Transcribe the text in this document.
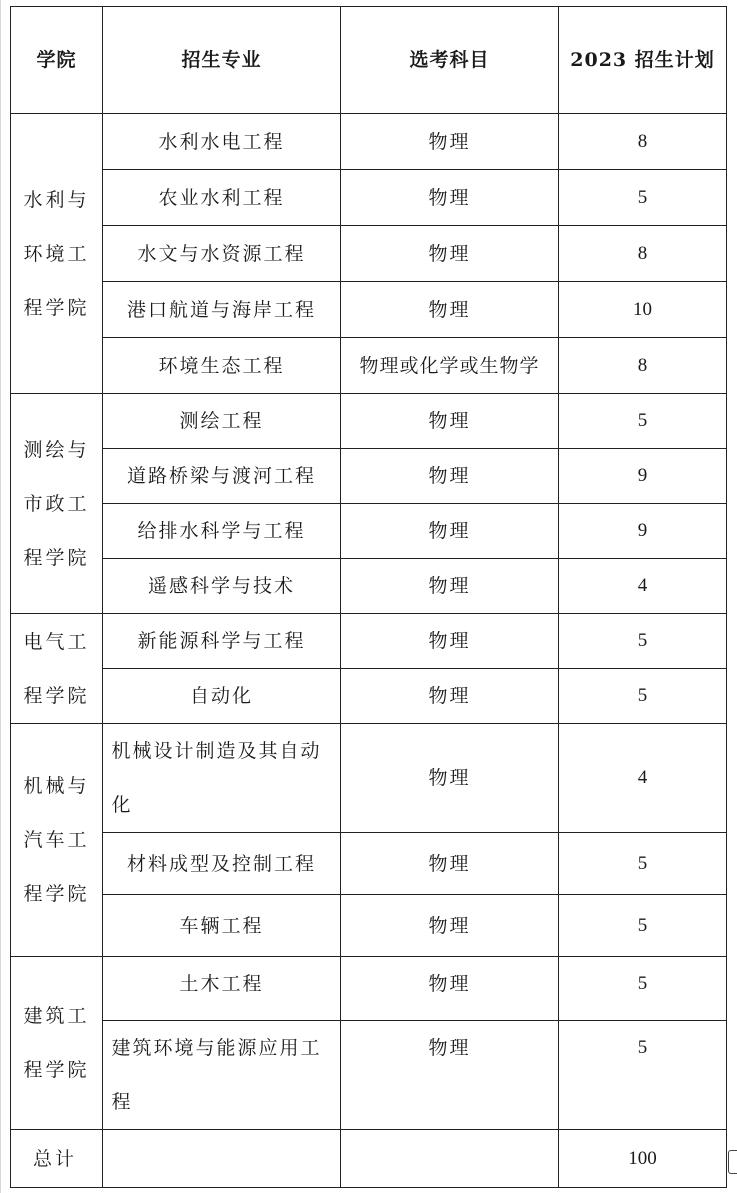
学院	招生专业	选考科目	2023 招生计划
水利与环境工程学院	水利水电工程	物理	8
	农业水利工程	物理	5
	水文与水资源工程	物理	8
	港口航道与海岸工程	物理	10
	环境生态工程	物理或化学或生物学	8
测绘与市政工程学院	测绘工程	物理	5
	道路桥梁与渡河工程	物理	9
	给排水科学与工程	物理	9
	遥感科学与技术	物理	4
电气工程学院	新能源科学与工程	物理	5
	自动化	物理	5
机械与汽车工程学院	机械设计制造及其自动化	物理	4
	材料成型及控制工程	物理	5
	车辆工程	物理	5
建筑工程学院	土木工程	物理	5
	建筑环境与能源应用工程	物理	5
总计			100
